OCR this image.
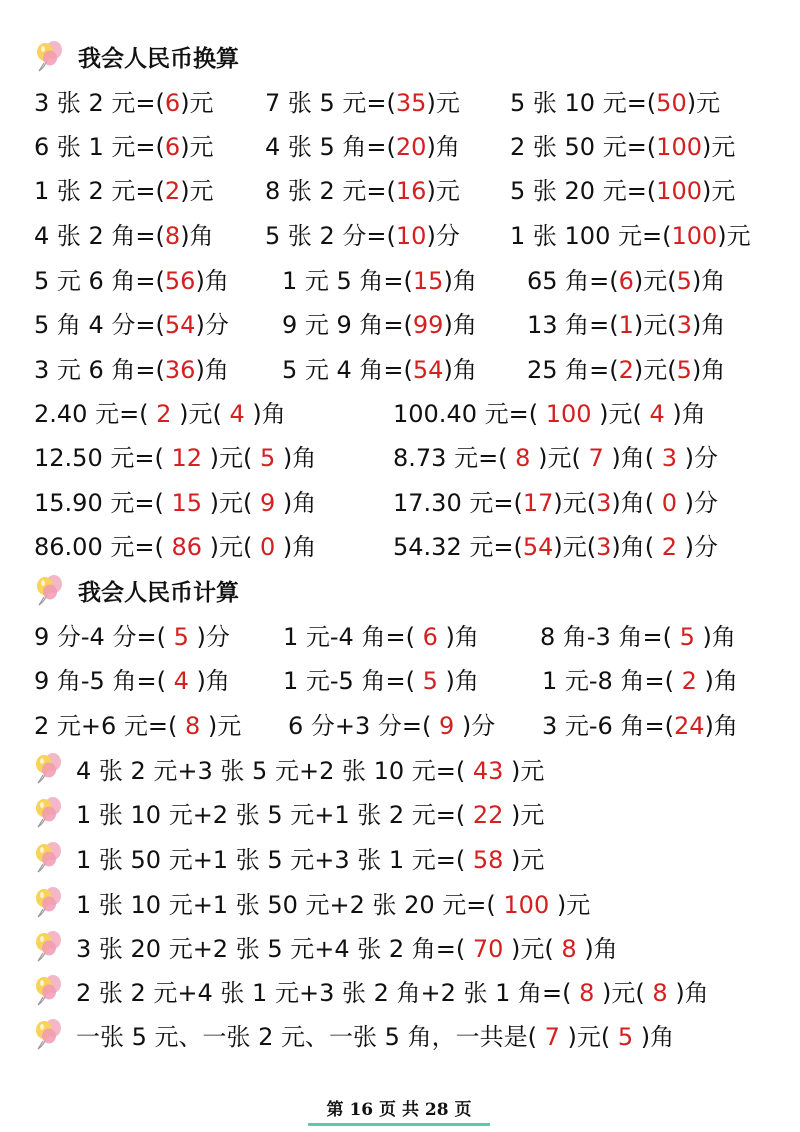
我会人民币换算
3 张 2 元=(6)元 7 张 5 元=(35)元 5 张 10 元=(50)元
6 张 1 元=(6)元 4 张 5 角=(20)角 2 张 50 元=(100)元
1 张 2 元=(2)元 8 张 2 元=(16)元 5 张 20 元=(100)元
4 张 2 角=(8)角 5 张 2 分=(10)分 1 张 100 元=(100)元
5 元 6 角=(56)角 1 元 5 角=(15)角 65 角=(6)元(5)角
5 角 4 分=(54)分 9 元 9 角=(99)角 13 角=(1)元(3)角
3 元 6 角=(36)角 5 元 4 角=(54)角 25 角=(2)元(5)角
2.40 元=( 2 )元( 4 )角	100.40 元=( 100 )元( 4 )角
12.50 元=( 12 )元( 5 )角	8.73 元=( 8 )元( 7 )角( 3 )分
15.90 元=( 15 )元( 9 )角	17.30 元=(17)元(3)角( 0 )分
86.00 元=( 86 )元( 0 )角	54.32 元=(54)元(3)角( 2 )分
我会人民币计算
9 分-4 分=( 5 )分 1 元-4 角=( 6 )角	8 角-3 角=( 5 )角
9 角-5 角=( 4 )角 1 元-5 角=( 5 )角	1 元-8 角=( 2 )角
2 元+6 元=( 8 )元 6 分+3 分=( 9 )分 3 元-6 角=(24)角
4 张 2 元+3 张 5 元+2 张 10 元=( 43 )元
1 张 10 元+2 张 5 元+1 张 2 元=( 22 )元
1 张 50 元+1 张 5 元+3 张 1 元=( 58 )元
1 张 10 元+1 张 50 元+2 张 20 元=( 100 )元
3 张 20 元+2 张 5 元+4 张 2 角=( 70 )元( 8 )角
2 张 2 元+4 张 1 元+3 张 2 角+2 张 1 角=( 8 )元( 8 )角
一张 5 元、一张 2 元、一张 5 角，一共是( 7 )元( 5 )角
第 16 页 共 28 页
